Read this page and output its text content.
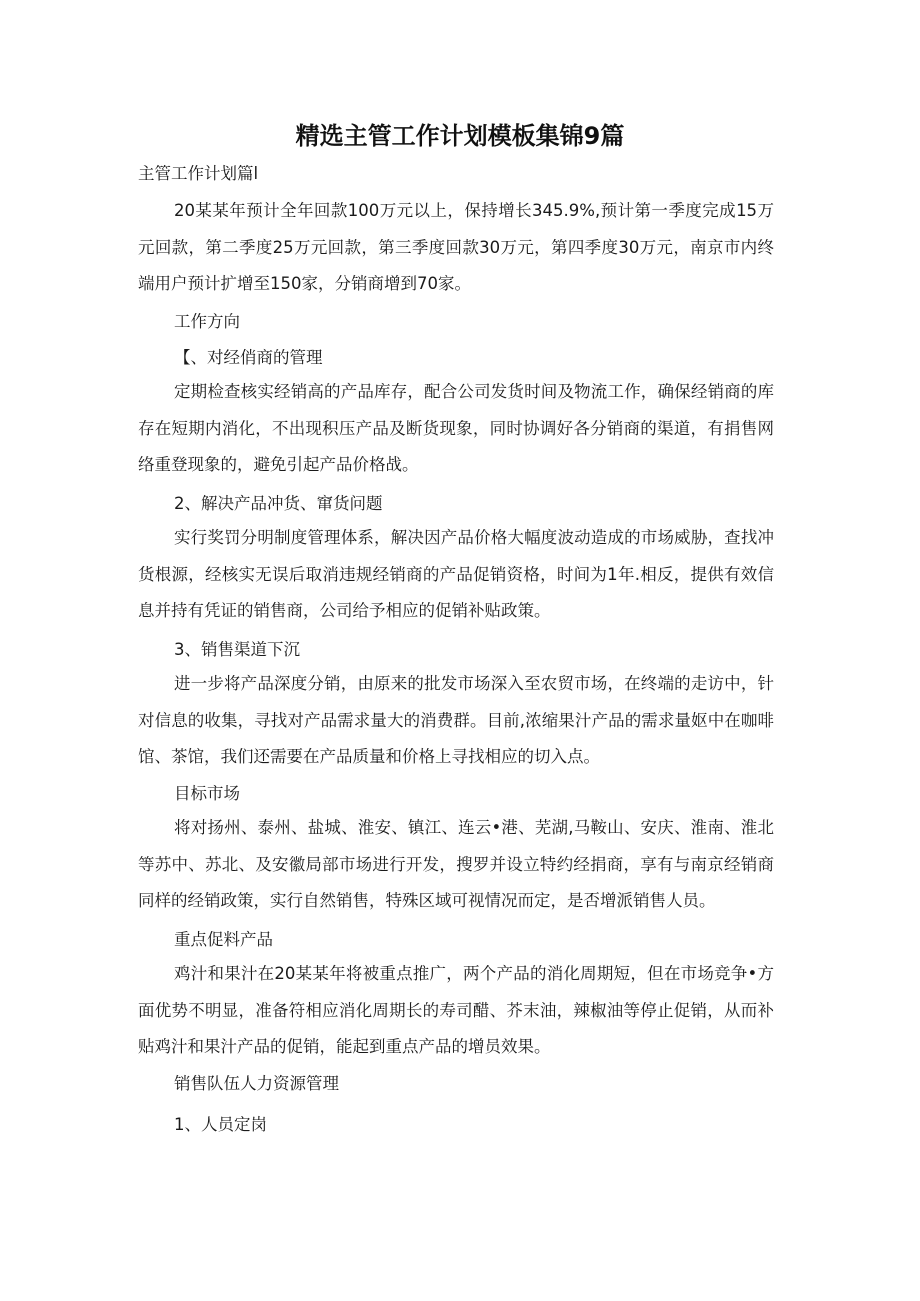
精选主管工作计划模板集锦9篇
主管工作计划篇l

20某某年预计全年回款100万元以上，保持增长345.9%,预计第一季度完成15万元回款，第二季度25万元回款，第三季度回款30万元，第四季度30万元，南京市内终端用户预计扩增至150家，分销商增到70家。

工作方向
【、对经俏商的管理

定期检查核实经销高的产品库存，配合公司发货时间及物流工作，确保经销商的库存在短期内消化，不出现积压产品及断货现象，同时协调好各分销商的渠道，有捐售网络重登现象的，避免引起产品价格战。

2、解决产品冲货、窜货问题

实行奖罚分明制度管理体系，解决因产品价格大幅度波动造成的市场威胁，查找冲货根源，经核实无误后取消违规经销商的产品促销资格，时间为1年.相反，提供有效信息并持有凭证的销售商，公司给予相应的促销补贴政策。

3、销售渠道下沉

进一步将产品深度分销，由原来的批发市场深入至农贸市场，在终端的走访中，针对信息的收集，寻找对产品需求量大的消费群。目前,浓缩果汁产品的需求量妪中在咖啡馆、茶馆，我们还需要在产品质量和价格上寻找相应的切入点。

目标市场

将对扬州、泰州、盐城、淮安、镇江、连云•港、芜湖,马鞍山、安庆、淮南、淮北等苏中、苏北、及安徽局部市场进行开发，搜罗并设立特约经捐商，享有与南京经销商同样的经销政策，实行自然销售，特殊区域可视情况而定，是否增派销售人员。

重点促料产品

鸡汁和果汁在20某某年将被重点推广，两个产品的消化周期短，但在市场竞争•方面优势不明显，准备符相应消化周期长的寿司醋、芥末油，辣椒油等停止促销，从而补贴鸡汁和果汁产品的促销，能起到重点产品的增员效果。

销售队伍人力资源管理
1、人员定岗
